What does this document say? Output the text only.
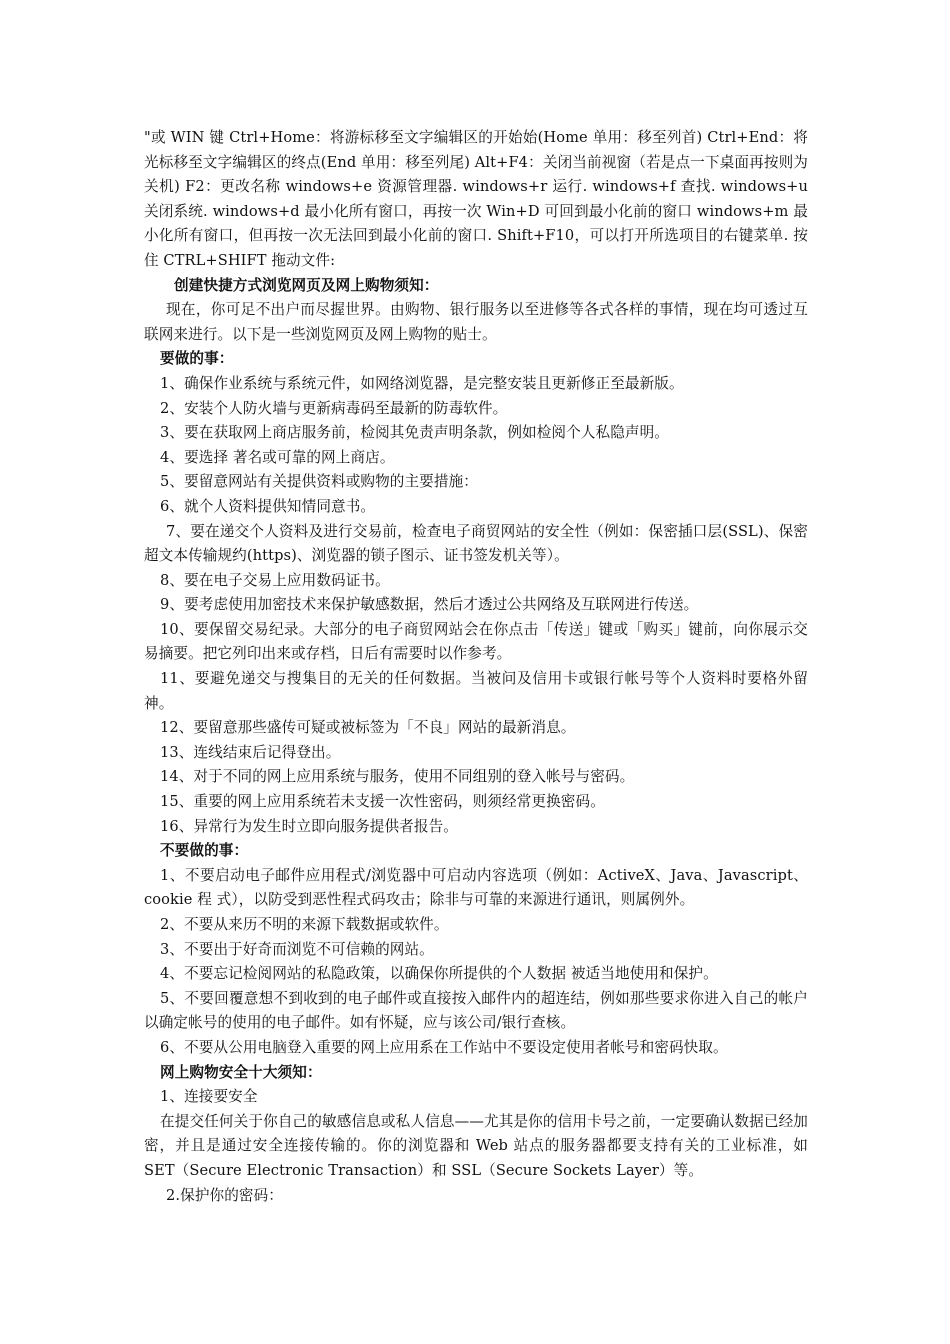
"或 WIN 键 Ctrl+Home：将游标移至文字编辑区的开始始(Home 单用：移至列首) Ctrl+End：将光标移至文字编辑区的终点(End 单用：移至列尾) Alt+F4：关闭当前视窗（若是点一下桌面再按则为关机) F2：更改名称 windows+e 资源管理器. windows+r 运行. windows+f 查找. windows+u 关闭系统. windows+d 最小化所有窗口，再按一次 Win+D 可回到最小化前的窗口 windows+m 最小化所有窗口，但再按一次无法回到最小化前的窗口. Shift+F10，可以打开所选项目的右键菜单. 按住 CTRL+SHIFT 拖动文件:

创建快捷方式浏览网页及网上购物须知：

现在，你可足不出户而尽握世界。由购物、银行服务以至进修等各式各样的事情，现在均可透过互联网来进行。以下是一些浏览网页及网上购物的贴士。

要做的事：

1、确保作业系统与系统元件，如网络浏览器，是完整安装且更新修正至最新版。

2、安装个人防火墙与更新病毒码至最新的防毒软件。

3、要在获取网上商店服务前，检阅其免责声明条款，例如检阅个人私隐声明。

4、要选择 著名或可靠的网上商店。

5、要留意网站有关提供资料或购物的主要措施：

6、就个人资料提供知情同意书。

7、要在递交个人资料及进行交易前，检查电子商贸网站的安全性（例如：保密插口层(SSL)、保密超文本传输规约(https)、浏览器的锁子图示、证书签发机关等）。

8、要在电子交易上应用数码证书。

9、要考虑使用加密技术来保护敏感数据，然后才透过公共网络及互联网进行传送。

10、要保留交易纪录。大部分的电子商贸网站会在你点击「传送」键或「购买」键前，向你展示交易摘要。把它列印出来或存档，日后有需要时以作参考。

11、要避免递交与搜集目的无关的任何数据。当被问及信用卡或银行帐号等个人资料时要格外留神。

12、要留意那些盛传可疑或被标签为「不良」网站的最新消息。

13、连线结束后记得登出。

14、对于不同的网上应用系统与服务，使用不同组别的登入帐号与密码。

15、重要的网上应用系统若未支援一次性密码，则须经常更换密码。

16、异常行为发生时立即向服务提供者报告。

不要做的事：

1、不要启动电子邮件应用程式/浏览器中可启动内容选项（例如：ActiveX、Java、Javascript、cookie 程 式），以防受到恶性程式码攻击；除非与可靠的来源进行通讯，则属例外。

2、不要从来历不明的来源下载数据或软件。

3、不要出于好奇而浏览不可信赖的网站。

4、不要忘记检阅网站的私隐政策，以确保你所提供的个人数据 被适当地使用和保护。

5、不要回覆意想不到收到的电子邮件或直接按入邮件内的超连结，例如那些要求你进入自己的帐户以确定帐号的使用的电子邮件。如有怀疑，应与该公司/银行查核。

6、不要从公用电脑登入重要的网上应用系在工作站中不要设定使用者帐号和密码快取。

网上购物安全十大须知：

1、连接要安全

在提交任何关于你自己的敏感信息或私人信息——尤其是你的信用卡号之前，一定要确认数据已经加密，并且是通过安全连接传输的。你的浏览器和 Web 站点的服务器都要支持有关的工业标准，如 SET（Secure Electronic Transaction）和 SSL（Secure Sockets Layer）等。

2.保护你的密码：
